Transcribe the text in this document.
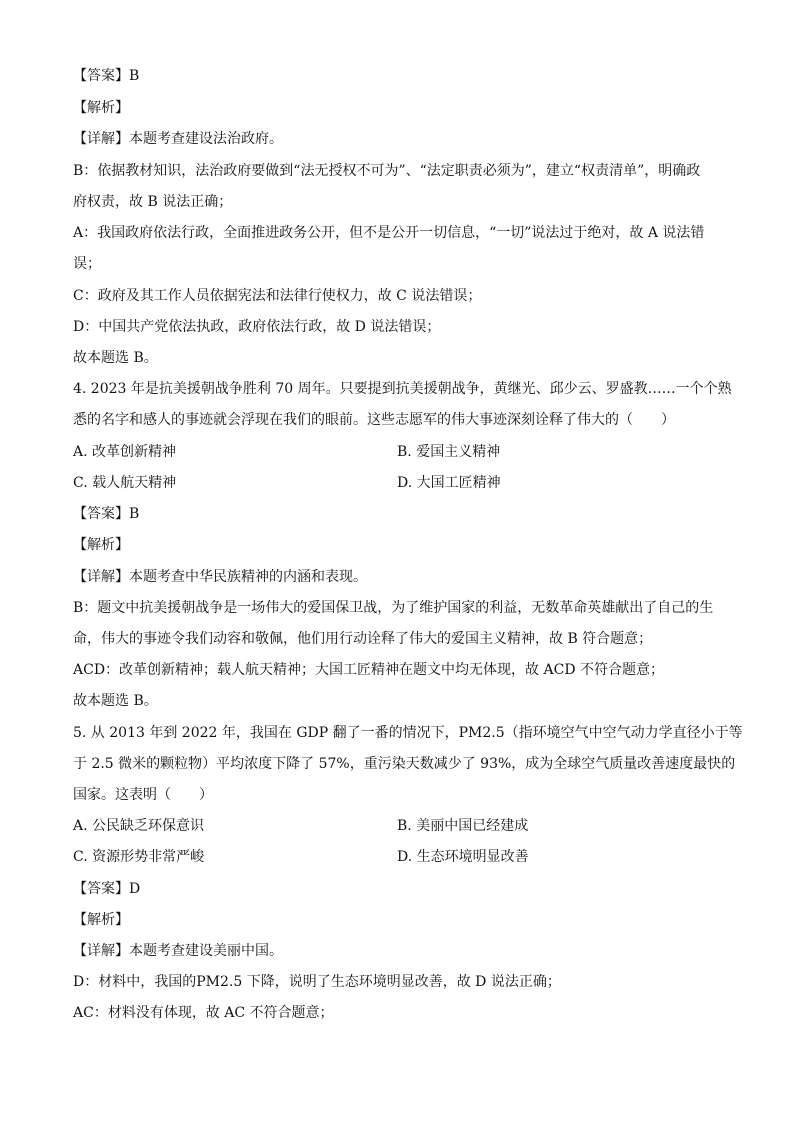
【答案】B
【解析】
【详解】本题考查建设法治政府。
B：依据教材知识，法治政府要做到“法无授权不可为”、“法定职责必须为”，建立“权责清单”，明确政
府权责，故 B 说法正确；
A：我国政府依法行政，全面推进政务公开，但不是公开一切信息，“一切”说法过于绝对，故 A 说法错
误；
C：政府及其工作人员依据宪法和法律行使权力，故 C 说法错误；
D：中国共产党依法执政，政府依法行政，故 D 说法错误；
故本题选 B。
4. 2023 年是抗美援朝战争胜利 70 周年。只要提到抗美援朝战争，黄继光、邱少云、罗盛教……一个个熟
悉的名字和感人的事迹就会浮现在我们的眼前。这些志愿军的伟大事迹深刻诠释了伟大的（　　）
A. 改革创新精神	B. 爱国主义精神
C. 载人航天精神	D. 大国工匠精神
【答案】B
【解析】
【详解】本题考查中华民族精神的内涵和表现。
B：题文中抗美援朝战争是一场伟大的爱国保卫战，为了维护国家的利益，无数革命英雄献出了自己的生
命，伟大的事迹令我们动容和敬佩，他们用行动诠释了伟大的爱国主义精神，故 B 符合题意；
ACD：改革创新精神；载人航天精神；大国工匠精神在题文中均无体现，故 ACD 不符合题意；
故本题选 B。
5. 从 2013 年到 2022 年，我国在 GDP 翻了一番的情况下，PM2.5（指环境空气中空气动力学直径小于等
于 2.5 微米的颗粒物）平均浓度下降了 57%，重污染天数减少了 93%，成为全球空气质量改善速度最快的
国家。这表明（　　）
A. 公民缺乏环保意识	B. 美丽中国已经建成
C. 资源形势非常严峻	D. 生态环境明显改善
【答案】D
【解析】
【详解】本题考查建设美丽中国。
D：材料中，我国的PM2.5 下降，说明了生态环境明显改善，故 D 说法正确；
AC：材料没有体现，故 AC 不符合题意；
